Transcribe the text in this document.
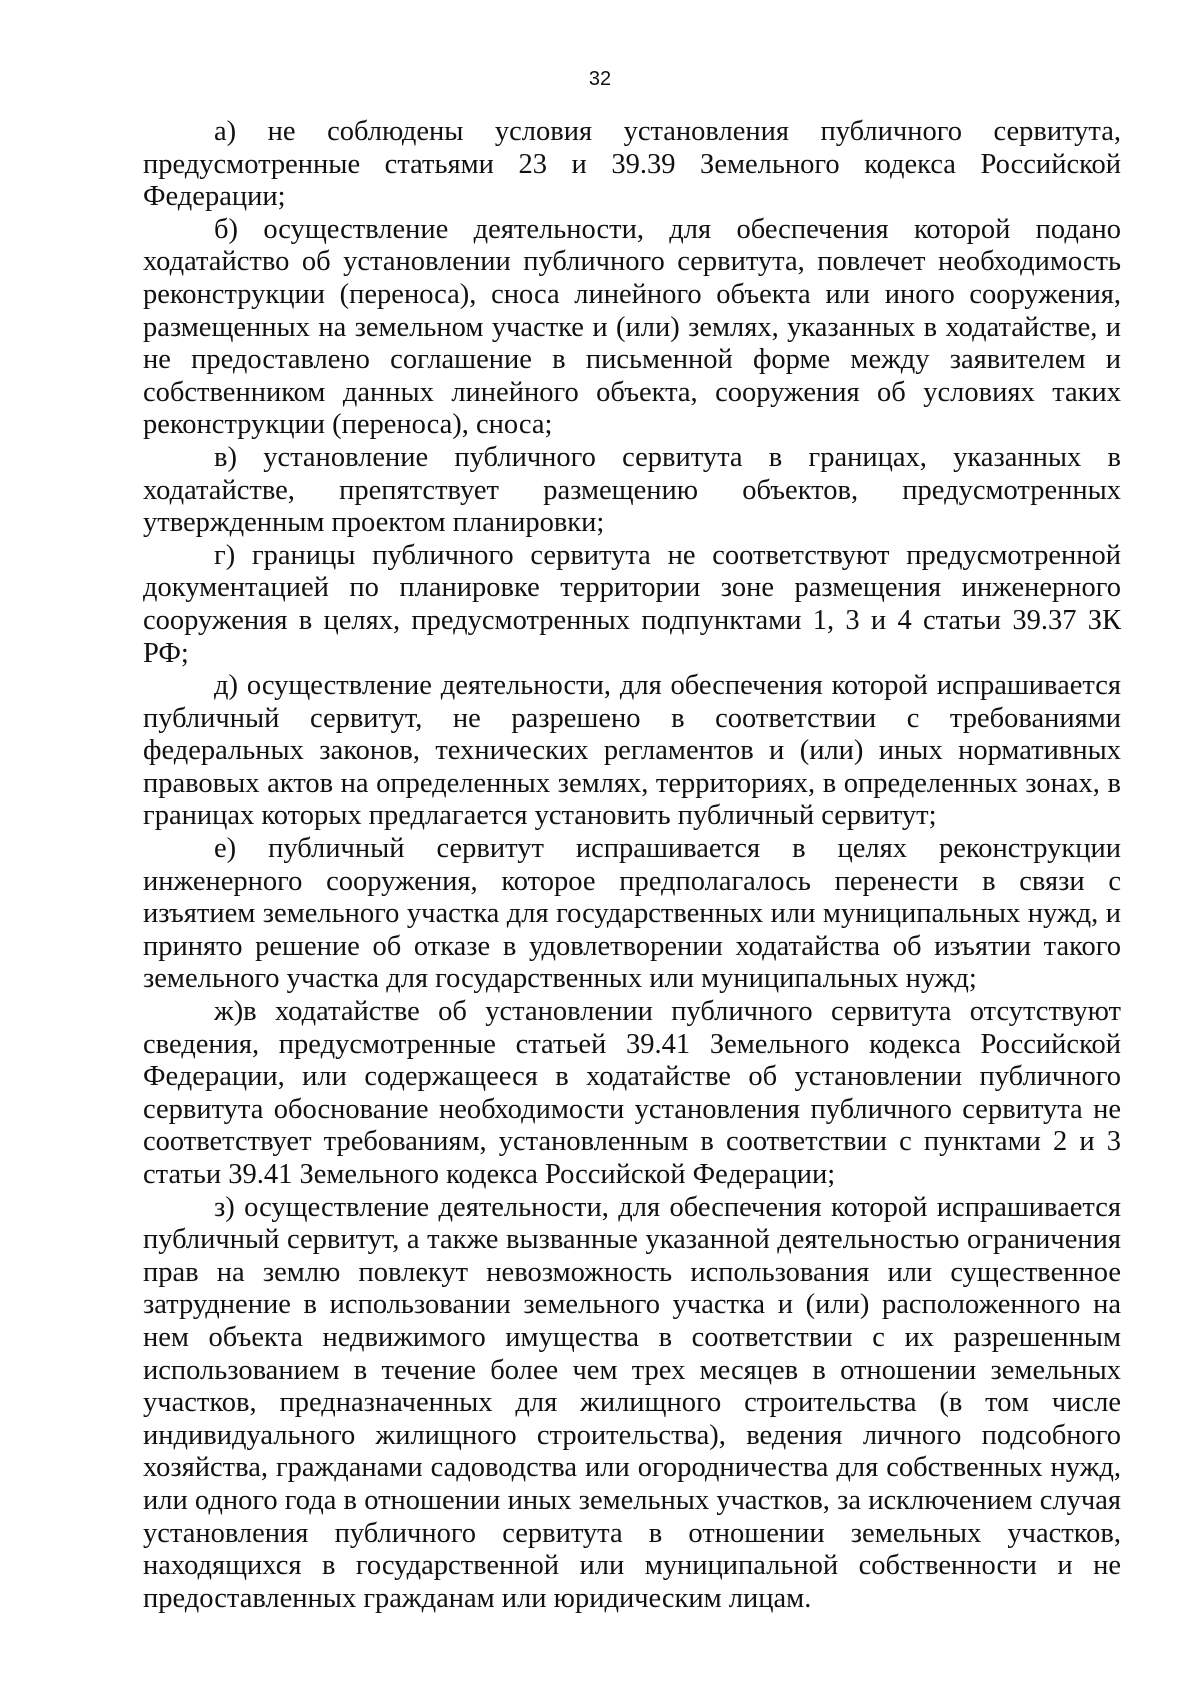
32

а) не соблюдены условия установления публичного сервитута, предусмотренные статьями 23 и 39.39 Земельного кодекса Российской Федерации;

б) осуществление деятельности, для обеспечения которой подано ходатайство об установлении публичного сервитута, повлечет необходимость реконструкции (переноса), сноса линейного объекта или иного сооружения, размещенных на земельном участке и (или) землях, указанных в ходатайстве, и не предоставлено соглашение в письменной форме между заявителем и собственником данных линейного объекта, сооружения об условиях таких реконструкции (переноса), сноса;

в) установление публичного сервитута в границах, указанных в ходатайстве, препятствует размещению объектов, предусмотренных утвержденным проектом планировки;

г) границы публичного сервитута не соответствуют предусмотренной документацией по планировке территории зоне размещения инженерного сооружения в целях, предусмотренных подпунктами 1, 3 и 4 статьи 39.37 ЗК РФ;

д) осуществление деятельности, для обеспечения которой испрашивается публичный сервитут, не разрешено в соответствии с требованиями федеральных законов, технических регламентов и (или) иных нормативных правовых актов на определенных землях, территориях, в определенных зонах, в границах которых предлагается установить публичный сервитут;

е) публичный сервитут испрашивается в целях реконструкции инженерного сооружения, которое предполагалось перенести в связи с изъятием земельного участка для государственных или муниципальных нужд, и принято решение об отказе в удовлетворении ходатайства об изъятии такого земельного участка для государственных или муниципальных нужд;

ж)в ходатайстве об установлении публичного сервитута отсутствуют сведения, предусмотренные статьей 39.41 Земельного кодекса Российской Федерации, или содержащееся в ходатайстве об установлении публичного сервитута обоснование необходимости установления публичного сервитута не соответствует требованиям, установленным в соответствии с пунктами 2 и 3 статьи 39.41 Земельного кодекса Российской Федерации;

з) осуществление деятельности, для обеспечения которой испрашивается публичный сервитут, а также вызванные указанной деятельностью ограничения прав на землю повлекут невозможность использования или существенное затруднение в использовании земельного участка и (или) расположенного на нем объекта недвижимого имущества в соответствии с их разрешенным использованием в течение более чем трех месяцев в отношении земельных участков, предназначенных для жилищного строительства (в том числе индивидуального жилищного строительства), ведения личного подсобного хозяйства, гражданами садоводства или огородничества для собственных нужд, или одного года в отношении иных земельных участков, за исключением случая установления публичного сервитута в отношении земельных участков, находящихся в государственной или муниципальной собственности и не предоставленных гражданам или юридическим лицам.
